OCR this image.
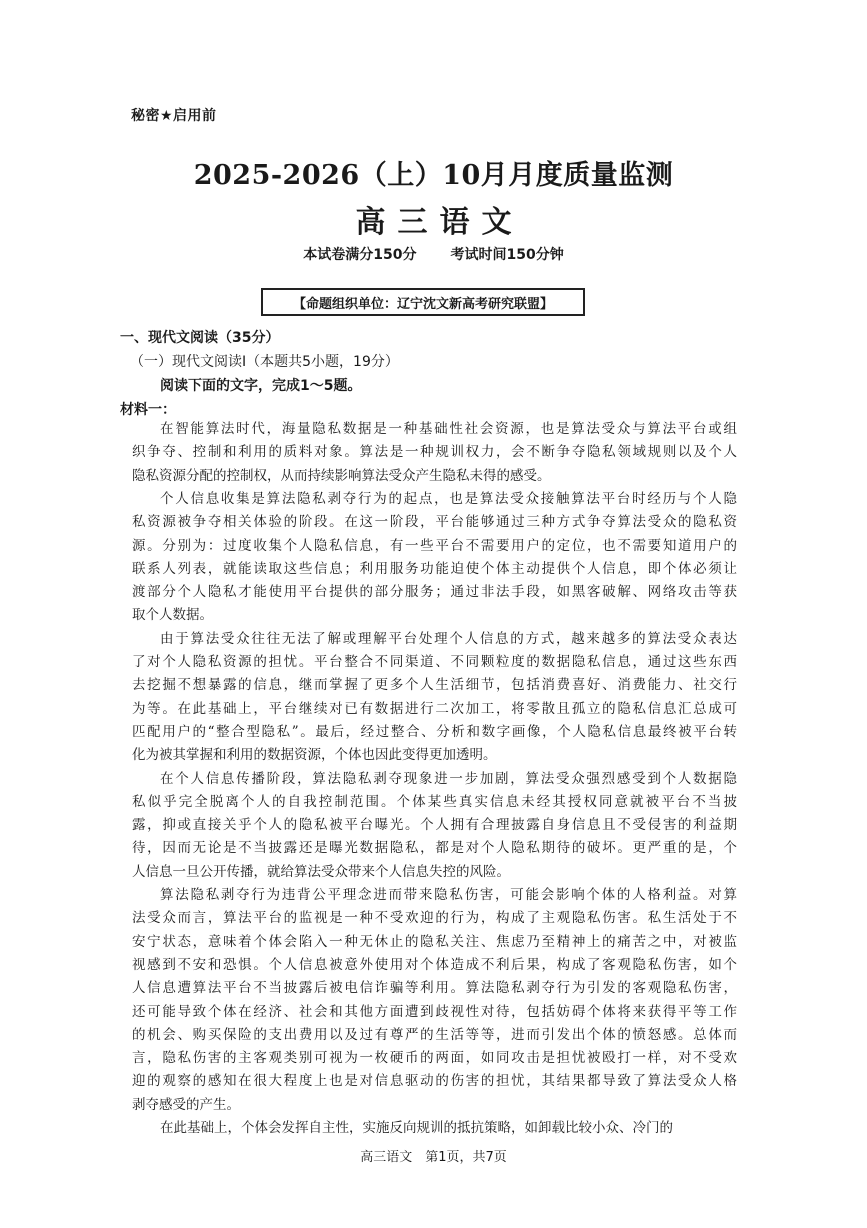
秘密★启用前
2025-2026（上）10月月度质量监测
高三语文
本试卷满分150分 考试时间150分钟
【命题组织单位：辽宁沈文新高考研究联盟】
一、现代文阅读（35分）
（一）现代文阅读Ⅰ（本题共5小题，19分）
阅读下面的文字，完成1～5题。
材料一：
在智能算法时代，海量隐私数据是一种基础性社会资源，也是算法受众与算法平台或组
织争夺、控制和利用的质料对象。算法是一种规训权力，会不断争夺隐私领域规则以及个人
隐私资源分配的控制权，从而持续影响算法受众产生隐私未得的感受。
个人信息收集是算法隐私剥夺行为的起点，也是算法受众接触算法平台时经历与个人隐
私资源被争夺相关体验的阶段。在这一阶段，平台能够通过三种方式争夺算法受众的隐私资
源。分别为：过度收集个人隐私信息，有一些平台不需要用户的定位，也不需要知道用户的
联系人列表，就能读取这些信息；利用服务功能迫使个体主动提供个人信息，即个体必须让
渡部分个人隐私才能使用平台提供的部分服务；通过非法手段，如黑客破解、网络攻击等获
取个人数据。
由于算法受众往往无法了解或理解平台处理个人信息的方式，越来越多的算法受众表达
了对个人隐私资源的担忧。平台整合不同渠道、不同颗粒度的数据隐私信息，通过这些东西
去挖掘不想暴露的信息，继而掌握了更多个人生活细节，包括消费喜好、消费能力、社交行
为等。在此基础上，平台继续对已有数据进行二次加工，将零散且孤立的隐私信息汇总成可
匹配用户的“整合型隐私”。最后，经过整合、分析和数字画像，个人隐私信息最终被平台转
化为被其掌握和利用的数据资源，个体也因此变得更加透明。
在个人信息传播阶段，算法隐私剥夺现象进一步加剧，算法受众强烈感受到个人数据隐
私似乎完全脱离个人的自我控制范围。个体某些真实信息未经其授权同意就被平台不当披
露，抑或直接关乎个人的隐私被平台曝光。个人拥有合理披露自身信息且不受侵害的利益期
待，因而无论是不当披露还是曝光数据隐私，都是对个人隐私期待的破坏。更严重的是，个
人信息一旦公开传播，就给算法受众带来个人信息失控的风险。
算法隐私剥夺行为违背公平理念进而带来隐私伤害，可能会影响个体的人格利益。对算
法受众而言，算法平台的监视是一种不受欢迎的行为，构成了主观隐私伤害。私生活处于不
安宁状态，意味着个体会陷入一种无休止的隐私关注、焦虑乃至精神上的痛苦之中，对被监
视感到不安和恐惧。个人信息被意外使用对个体造成不利后果，构成了客观隐私伤害，如个
人信息遭算法平台不当披露后被电信诈骗等利用。算法隐私剥夺行为引发的客观隐私伤害，
还可能导致个体在经济、社会和其他方面遭到歧视性对待，包括妨碍个体将来获得平等工作
的机会、购买保险的支出费用以及过有尊严的生活等等，进而引发出个体的愤怒感。总体而
言，隐私伤害的主客观类别可视为一枚硬币的两面，如同攻击是担忧被殴打一样，对不受欢
迎的观察的感知在很大程度上也是对信息驱动的伤害的担忧，其结果都导致了算法受众人格
剥夺感受的产生。
在此基础上，个体会发挥自主性，实施反向规训的抵抗策略，如卸载比较小众、冷门的
高三语文　第1页，共7页
